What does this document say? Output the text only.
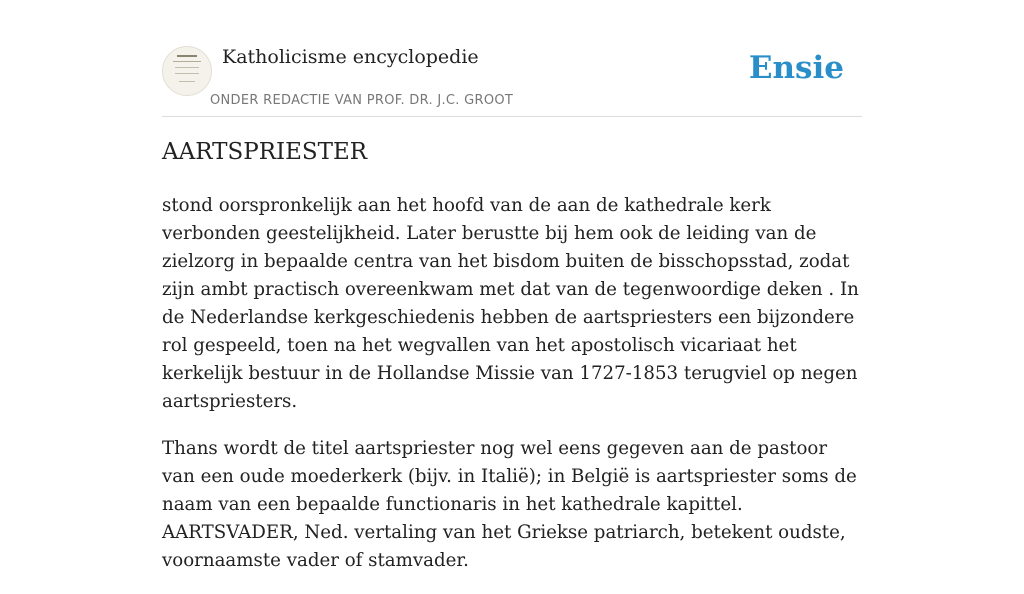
Katholicisme encyclopedie
ONDER REDACTIE VAN PROF. DR. J.C. GROOT
Ensie
AARTSPRIESTER

stond oorspronkelijk aan het hoofd van de aan de kathedrale kerk verbonden geestelijkheid. Later berustte bij hem ook de leiding van de zielzorg in bepaalde centra van het bisdom buiten de bisschopsstad, zodat zijn ambt practisch overeenkwam met dat van de tegenwoordige deken . In de Nederlandse kerkgeschiedenis hebben de aartspriesters een bijzondere rol gespeeld, toen na het wegvallen van het apostolisch vicariaat het kerkelijk bestuur in de Hollandse Missie van 1727-1853 terugviel op negen aartspriesters.

Thans wordt de titel aartspriester nog wel eens gegeven aan de pastoor van een oude moederkerk (bijv. in Italië); in België is aartspriester soms de naam van een bepaalde functionaris in het kathedrale kapittel. AARTSVADER, Ned. vertaling van het Griekse patriarch, betekent oudste, voornaamste vader of stamvader.
